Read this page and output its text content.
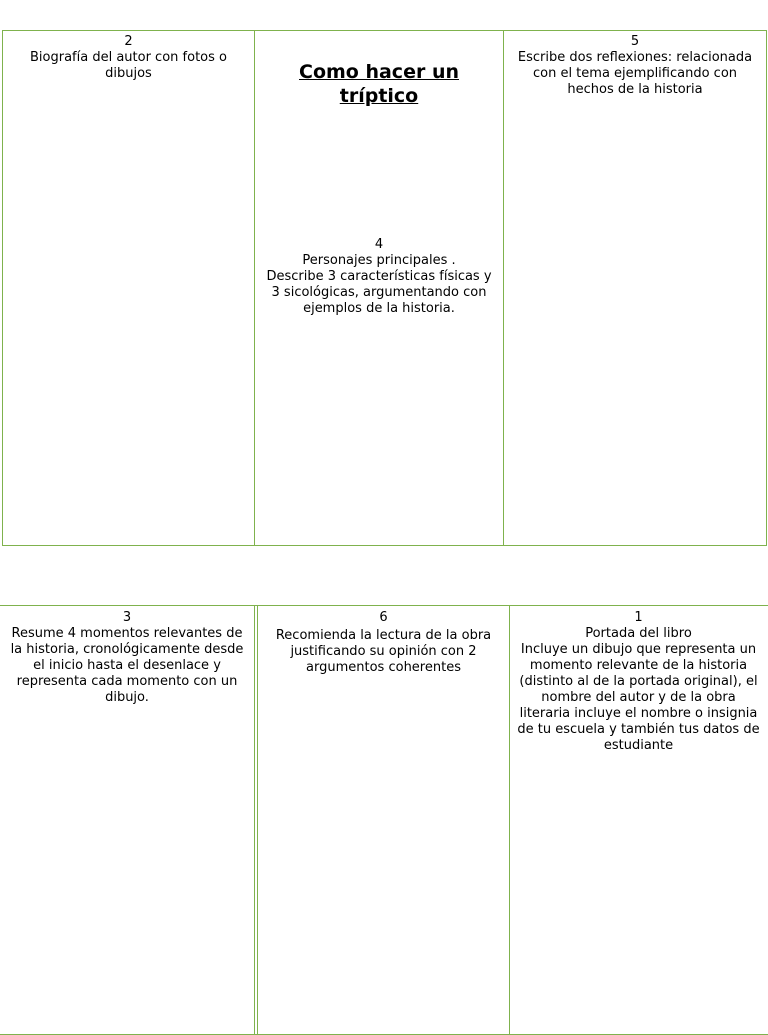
2
Biografía del autor con fotos o dibujos	Como hacer un tríptico
4
Personajes principales .
Describe 3 características físicas y
3 sicológicas, argumentando con
ejemplos de la historia.
5
Escribe dos reflexiones: relacionada con el tema ejemplificando con hechos de la historia
3
Resume 4 momentos relevantes de la historia, cronológicamente desde el inicio hasta el desenlace y representa cada momento con un dibujo.
6
Recomienda la lectura de la obra justificando su opinión con 2 argumentos coherentes
1
Portada del libro
Incluye un dibujo que representa un momento relevante de la historia (distinto al de la portada original), el nombre del autor y de la obra literaria incluye el nombre o insignia de tu escuela y también tus datos de estudiante
